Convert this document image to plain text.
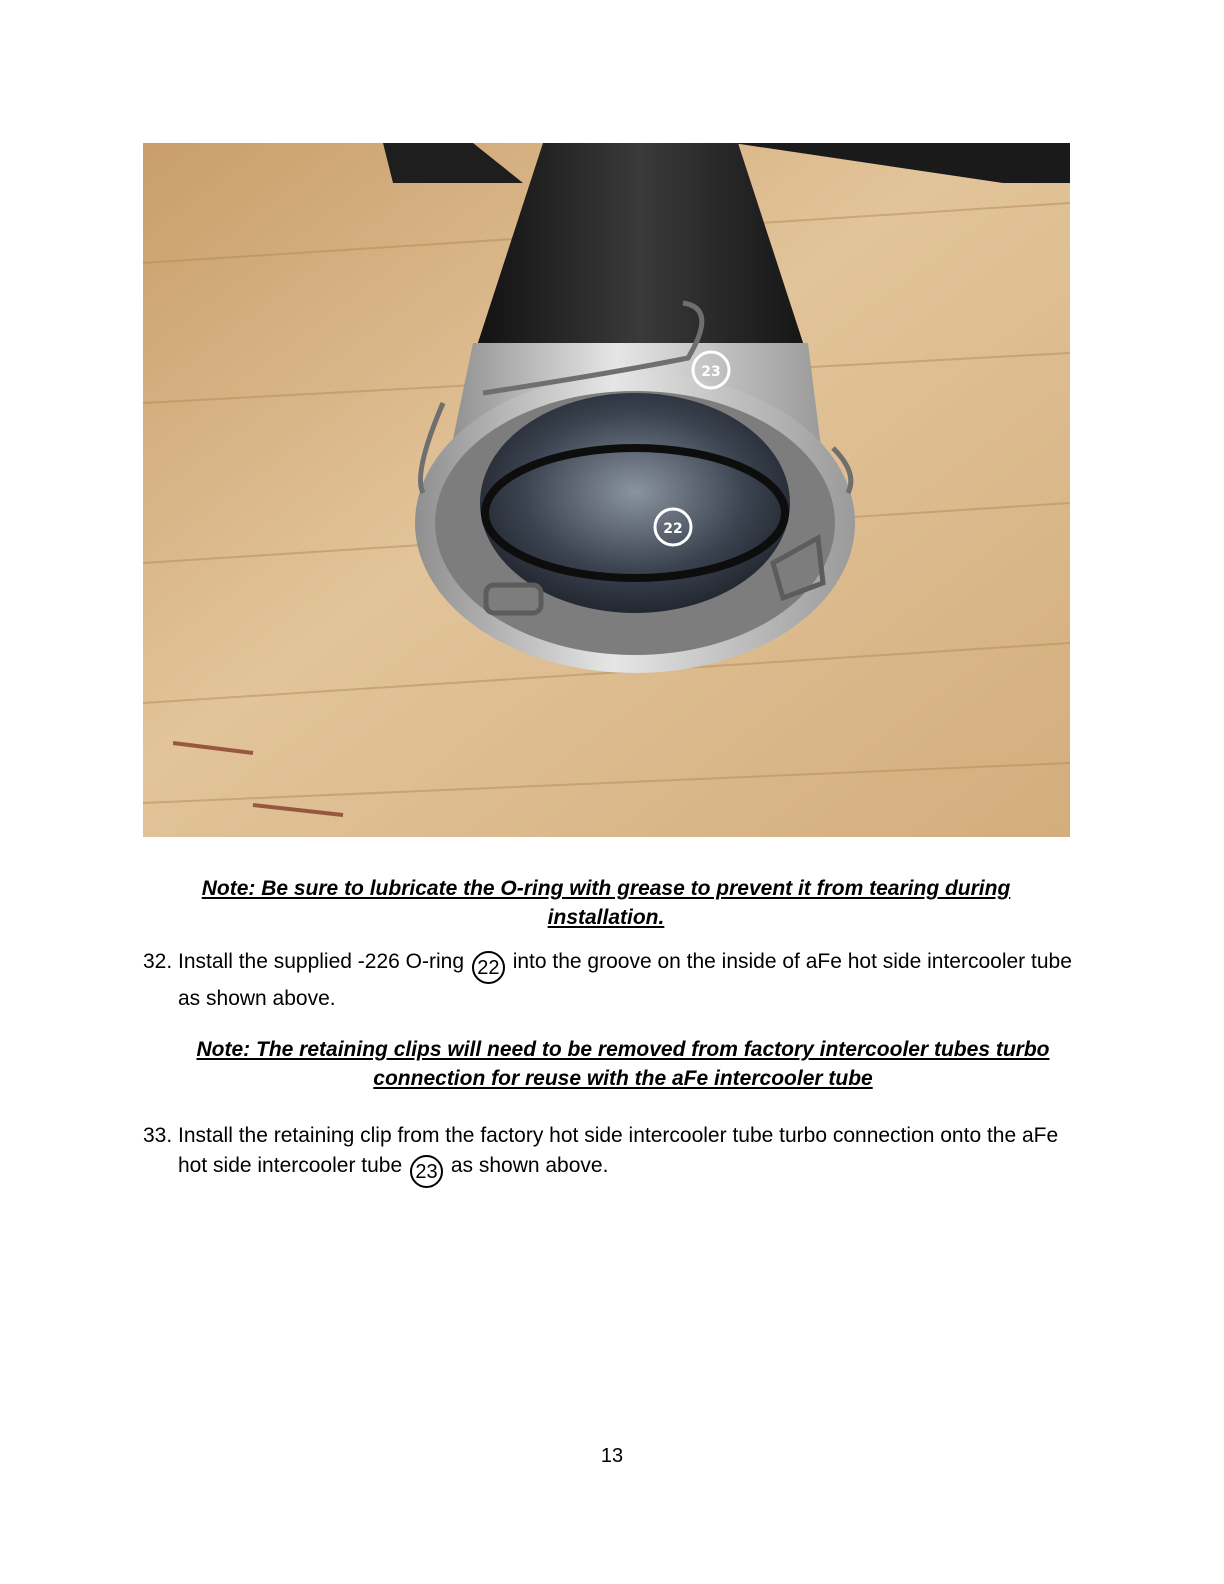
23
22
Note: Be sure to lubricate the O-ring with grease to prevent it from tearing during installation.
32. Install the supplied -226 O-ring 22 into the groove on the inside of aFe hot side intercooler tube as shown above.
Note: The retaining clips will need to be removed from factory intercooler tubes turbo connection for reuse with the aFe intercooler tube
33. Install the retaining clip from the factory hot side intercooler tube turbo connection onto the aFe hot side intercooler tube 23 as shown above.
13
